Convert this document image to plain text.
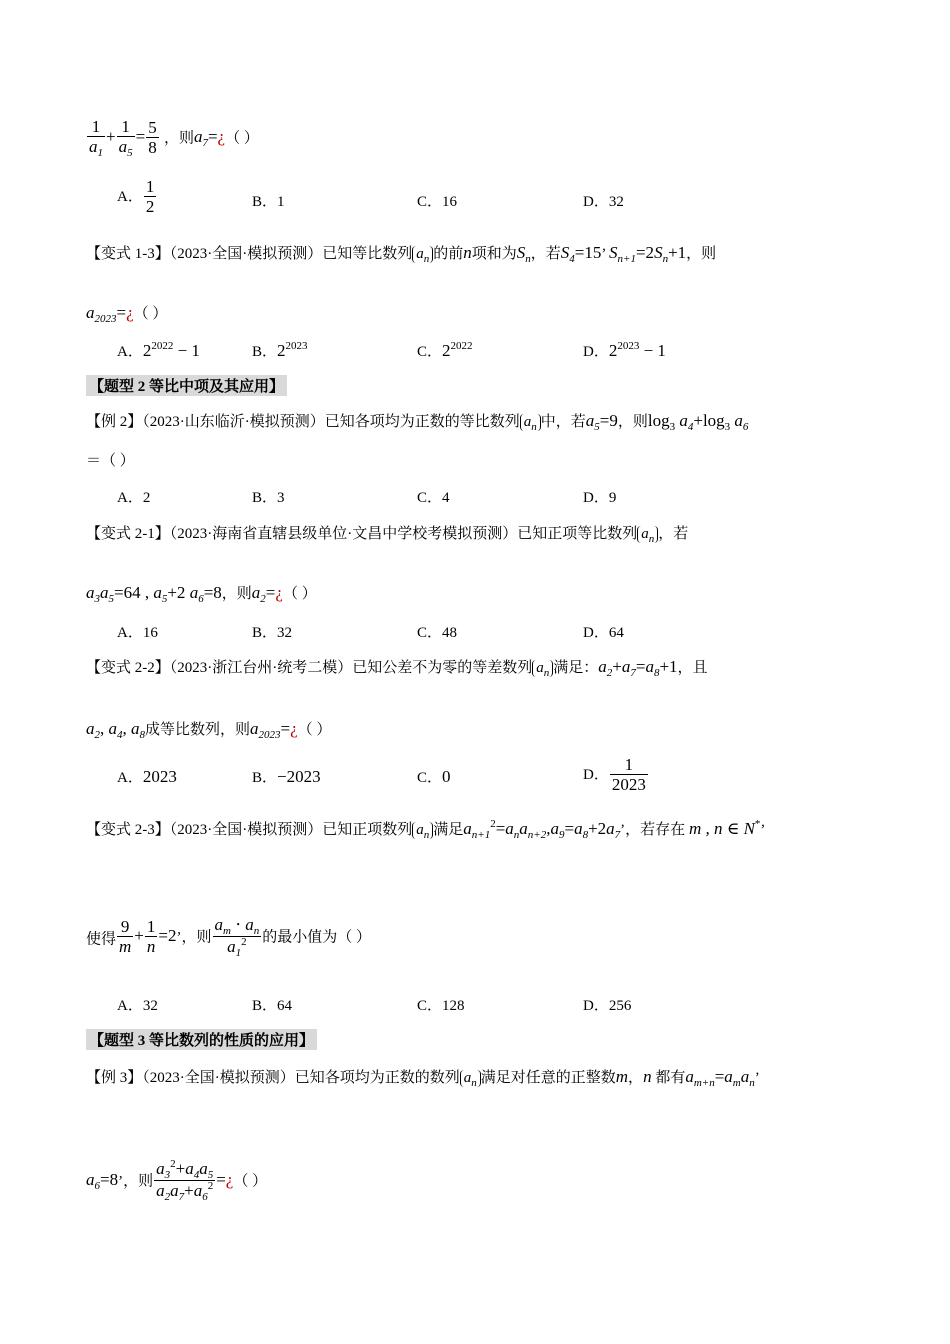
$\frac{1}{a_1} + \frac{1}{a_5} = \frac{5}{8}$ ，则$a_7=¿$（ ）
A． $\frac{1}{2}$	B．1	C．16	D．32
【变式 1-3】（2023·全国·模拟预测）已知等比数列 $a_n$ 的前n项和为$S_n$，若$S_4=15$’ $S_{n+1}=2S_n+1$，则
$a_{2023}=¿$（ ）
A．$2^{2022} - 1$	B．$2^{2023}$	C．$2^{2022}$	D．$2^{2023} - 1$
【题型 2 等比中项及其应用】
【例 2】（2023·山东临沂·模拟预测）已知各项均为正数的等比数列 $a_n$ 中，若$a_5=9$，则$\log_3 a_4+\log_3$ $a_6$
＝（ ）
A．2	B．3	C．4	D．9
【变式 2-1】（2023·海南省直辖县级单位·文昌中学校考模拟预测）已知正项等比数列 $a_n$ ，若
$a_3a_5=64$ , $a_5+2$ $a_6=8$，则$a_2=¿$（ ）
A．16	B．32	C．48	D．64
【变式 2-2】（2023·浙江台州·统考二模）已知公差不为零的等差数列 $a_n$ 满足：$a_2+a_7=a_8+1$，且
$a_2$, $a_4$, $a_8$成等比数列，则$a_{2023}=¿$（ ）
A．2023	B．−2023	C．0	D． $\frac{1}{2023}$
【变式 2-3】（2023·全国·模拟预测）已知正项数列 $a_n$ 满足$a_{n+1}^2=a_na_{n+2},a_9=a_8+2a_7$’，若存在 m , n ∈ N*’
使得 $\frac{9}{m} + \frac{1}{n} =2$’，则 $\frac{a_m \cdot a_n}{a_1^2}$ 的最小值为（ ）
A．32	B．64	C．128	D．256
【题型 3 等比数列的性质的应用】
【例 3】（2023·全国·模拟预测）已知各项均为正数的数列 $a_n$ 满足对任意的正整数m，n 都有$a_{m+n}=a_ma_n$’
$a_6=8$’，则 $\frac{a_3^2+a_4a_5}{a_2a_7+a_6^2}$ =¿（ ）
